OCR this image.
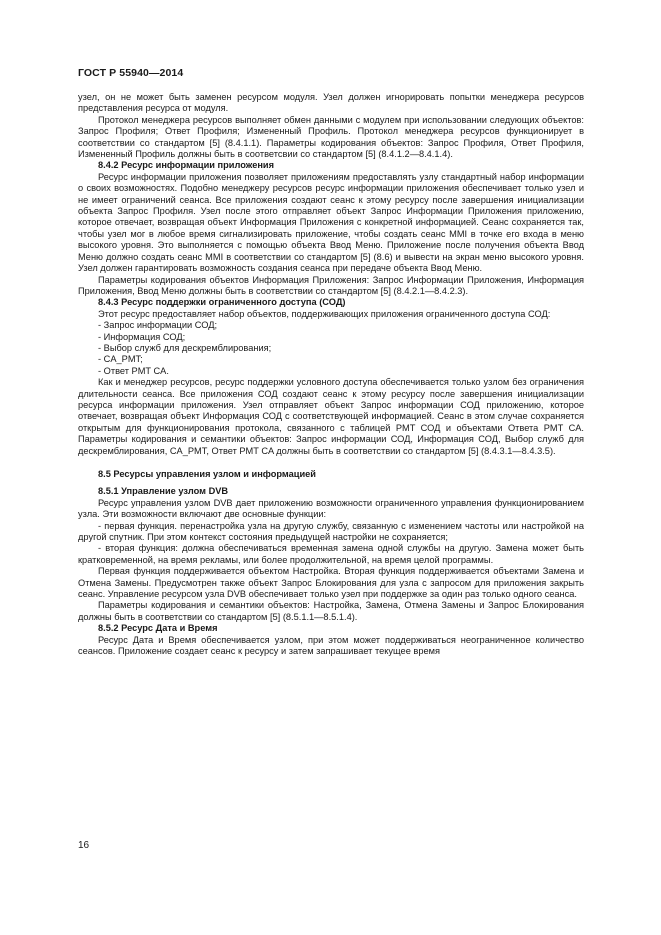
ГОСТ Р 55940—2014

узел, он не может быть заменен ресурсом модуля. Узел должен игнорировать попытки менеджера ресурсов представления ресурса от модуля.

Протокол менеджера ресурсов выполняет обмен данными с модулем при использовании следующих объектов: Запрос Профиля; Ответ Профиля; Измененный Профиль. Протокол менеджера ресурсов функционирует в соответствии со стандартом [5] (8.4.1.1). Параметры кодирования объектов: Запрос Профиля, Ответ Профиля, Измененный Профиль должны быть в соответсвии со стандартом [5] (8.4.1.2—8.4.1.4).

8.4.2 Ресурс информации приложения

Ресурс информации приложения позволяет приложениям предоставлять узлу стандартный набор информации о своих возможностях. Подобно менеджеру ресурсов ресурс информации приложения обеспечивает только узел и не имеет ограничений сеанса. Все приложения создают сеанс к этому ресурсу после завершения инициализации объекта Запрос Профиля. Узел после этого отправляет объект Запрос Информации Приложения приложению, которое отвечает, возвращая объект Информация Приложения с конкретной информацией. Сеанс сохраняется так, чтобы узел мог в любое время сигнализировать приложение, чтобы создать сеанс MMI в точке его входа в меню высокого уровня. Это выполняется с помощью объекта Ввод Меню. Приложение после получения объекта Ввод Меню должно создать сеанс MMI в соответствии со стандартом [5] (8.6) и вывести на экран меню высокого уровня. Узел должен гарантировать возможность создания сеанса при передаче объекта Ввод Меню.

Параметры кодирования объектов Информация Приложения: Запрос Информации Приложения, Информация Приложения, Ввод Меню должны быть в соответствии со стандартом [5] (8.4.2.1—8.4.2.3).

8.4.3 Ресурс поддержки ограниченного доступа (СОД)

Этот ресурс предоставляет набор объектов, поддерживающих приложения ограниченного доступа СОД:

- Запрос информации СОД;
- Информация СОД;
- Выбор служб для дескремблирования;
- CA_PMT;
- Ответ PMT CA.

Как и менеджер ресурсов, ресурс поддержки условного доступа обеспечивается только узлом без ограничения длительности сеанса. Все приложения СОД создают сеанс к этому ресурсу после завершения инициализации ресурса информации приложения. Узел отправляет объект Запрос информации СОД приложению, которое отвечает, возвращая объект Информация СОД с соответствующей информацией. Сеанс в этом случае сохраняется открытым для функционирования протокола, связанного с таблицей PMT СОД и объектами Ответа PMT CA. Параметры кодирования и семантики объектов: Запрос информации СОД, Информация СОД, Выбор служб для дескремблирования, CA_PMT, Ответ PMT CA должны быть в соответствии со стандартом [5] (8.4.3.1—8.4.3.5).

8.5 Ресурсы управления узлом и информацией
8.5.1 Управление узлом DVB

Ресурс управления узлом DVB дает приложению возможности ограниченного управления функционированием узла. Эти возможности включают две основные функции:

- первая функция. перенастройка узла на другую службу, связанную с изменением частоты или настройкой на другой спутник. При этом контекст состояния предыдущей настройки не сохраняется;
- вторая функция: должна обеспечиваться временная замена одной службы на другую. Замена может быть кратковременной, на время рекламы, или более продолжительной, на время целой программы.

Первая функция поддерживается объектом Настройка. Вторая функция поддерживается объектами Замена и Отмена Замены. Предусмотрен также объект Запрос Блокирования для узла с запросом для приложения закрыть сеанс. Управление ресурсом узла DVB обеспечивает только узел при поддержке за один раз только одного сеанса.

Параметры кодирования и семантики объектов: Настройка, Замена, Отмена Замены и Запрос Блокирования должны быть в соответствии со стандартом [5] (8.5.1.1—8.5.1.4).

8.5.2 Ресурс Дата и Время

Ресурс Дата и Время обеспечивается узлом, при этом может поддерживаться неограниченное количество сеансов. Приложение создает сеанс к ресурсу и затем запрашивает текущее время

16
